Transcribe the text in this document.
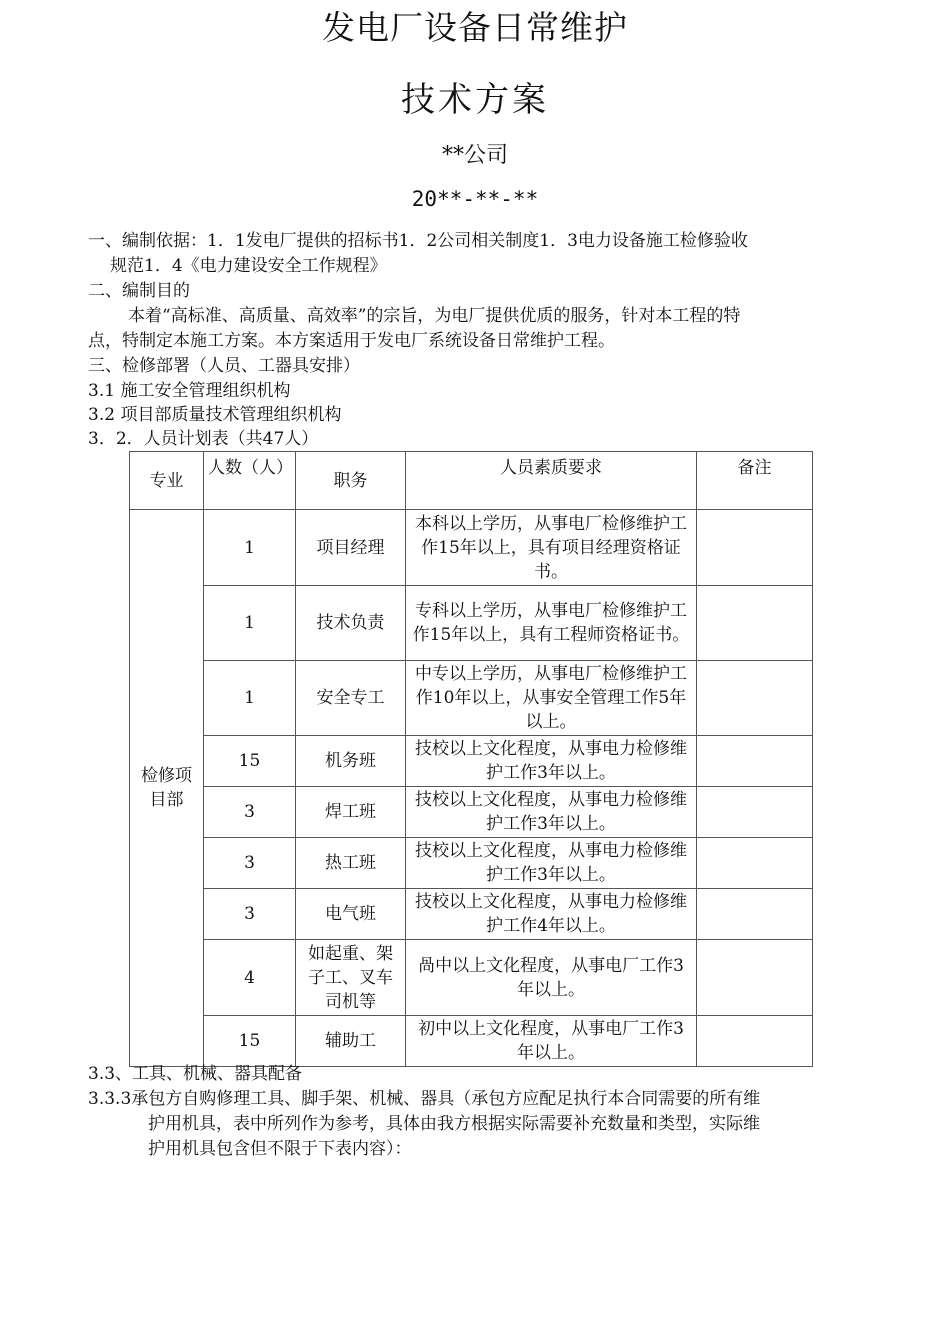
发电厂设备日常维护
技术方案
**公司
20**-**-**
一、编制依据：1．1发电厂提供的招标书1．2公司相关制度1．3电力设备施工检修验收
规范1．4《电力建设安全工作规程》
二、编制目的
本着“高标准、高质量、高效率”的宗旨，为电厂提供优质的服务，针对本工程的特
点，特制定本施工方案。本方案适用于发电厂系统设备日常维护工程。
三、检修部署（人员、工器具安排）
3.1 施工安全管理组织机构
3.2 项目部质量技术管理组织机构
3．2．人员计划表（共47人）
专业	人数（人）	职务	人员素质要求	备注
检修项目部	1	项目经理	本科以上学历，从事电厂检修维护工作15年以上，具有项目经理资格证书。	
	1	技术负责	专科以上学历，从事电厂检修维护工作15年以上，具有工程师资格证书。	
	1	安全专工	中专以上学历，从事电厂检修维护工作10年以上，从事安全管理工作5年以上。	
	15	机务班	技校以上文化程度，从事电力检修维护工作3年以上。	
	3	焊工班	技校以上文化程度，从事电力检修维护工作3年以上。	
	3	热工班	技校以上文化程度，从事电力检修维护工作3年以上。	
	3	电气班	技校以上文化程度，从事电力检修维护工作4年以上。	
	4	如起重、架子工、叉车司机等	咼中以上文化程度，从事电厂工作3年以上。	
	15	辅助工	初中以上文化程度，从事电厂工作3年以上。	
3.3、工具、机械、器具配备
3.3.3承包方自购修理工具、脚手架、机械、器具（承包方应配足执行本合同需要的所有维
护用机具，表中所列作为参考，具体由我方根据实际需要补充数量和类型，实际维
护用机具包含但不限于下表内容）：
